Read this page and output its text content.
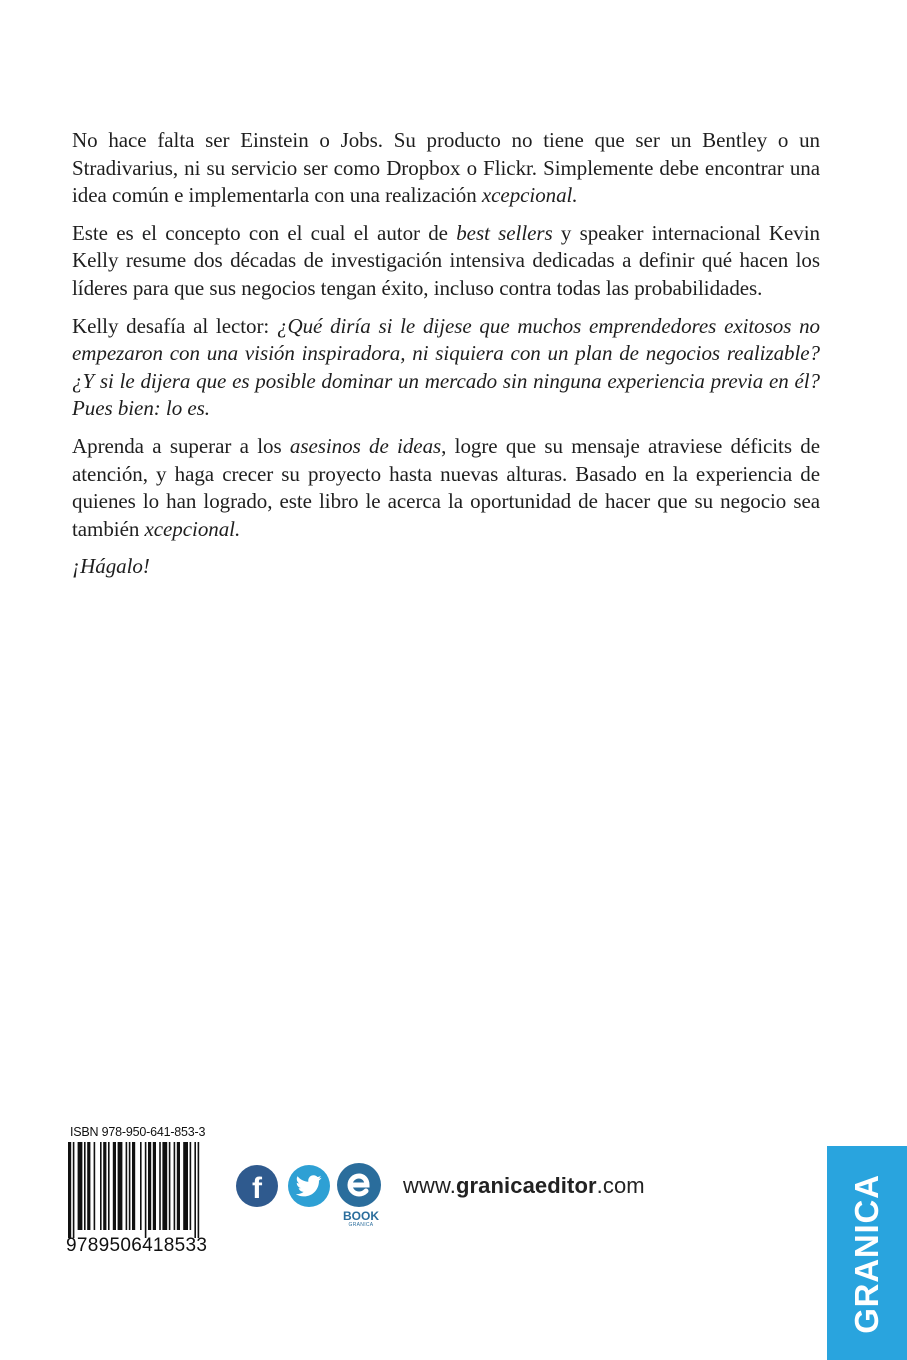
No hace falta ser Einstein o Jobs. Su producto no tiene que ser un Bentley o un Stradivarius, ni su servicio ser como Dropbox o Flickr. Simplemente debe encontrar una idea común e implementarla con una realización xcepcional.

Este es el concepto con el cual el autor de best sellers y speaker internacional Kevin Kelly resume dos décadas de investigación intensiva dedicadas a definir qué hacen los líderes para que sus negocios tengan éxito, incluso contra todas las probabilidades.

Kelly desafía al lector: ¿Qué diría si le dijese que muchos emprendedores exitosos no empezaron con una visión inspiradora, ni siquiera con un plan de negocios realizable? ¿Y si le dijera que es posible dominar un mercado sin ninguna experiencia previa en él? Pues bien: lo es.

Aprenda a superar a los asesinos de ideas, logre que su mensaje atraviese déficits de atención, y haga crecer su proyecto hasta nuevas alturas. Basado en la experiencia de quienes lo han logrado, este libro le acerca la oportunidad de hacer que su negocio sea también xcepcional.

¡Hágalo!

ISBN 978-950-641-853-3
9789506418533
f
BOOK
GRANICA
www.granicaeditor.com	GRANICA
